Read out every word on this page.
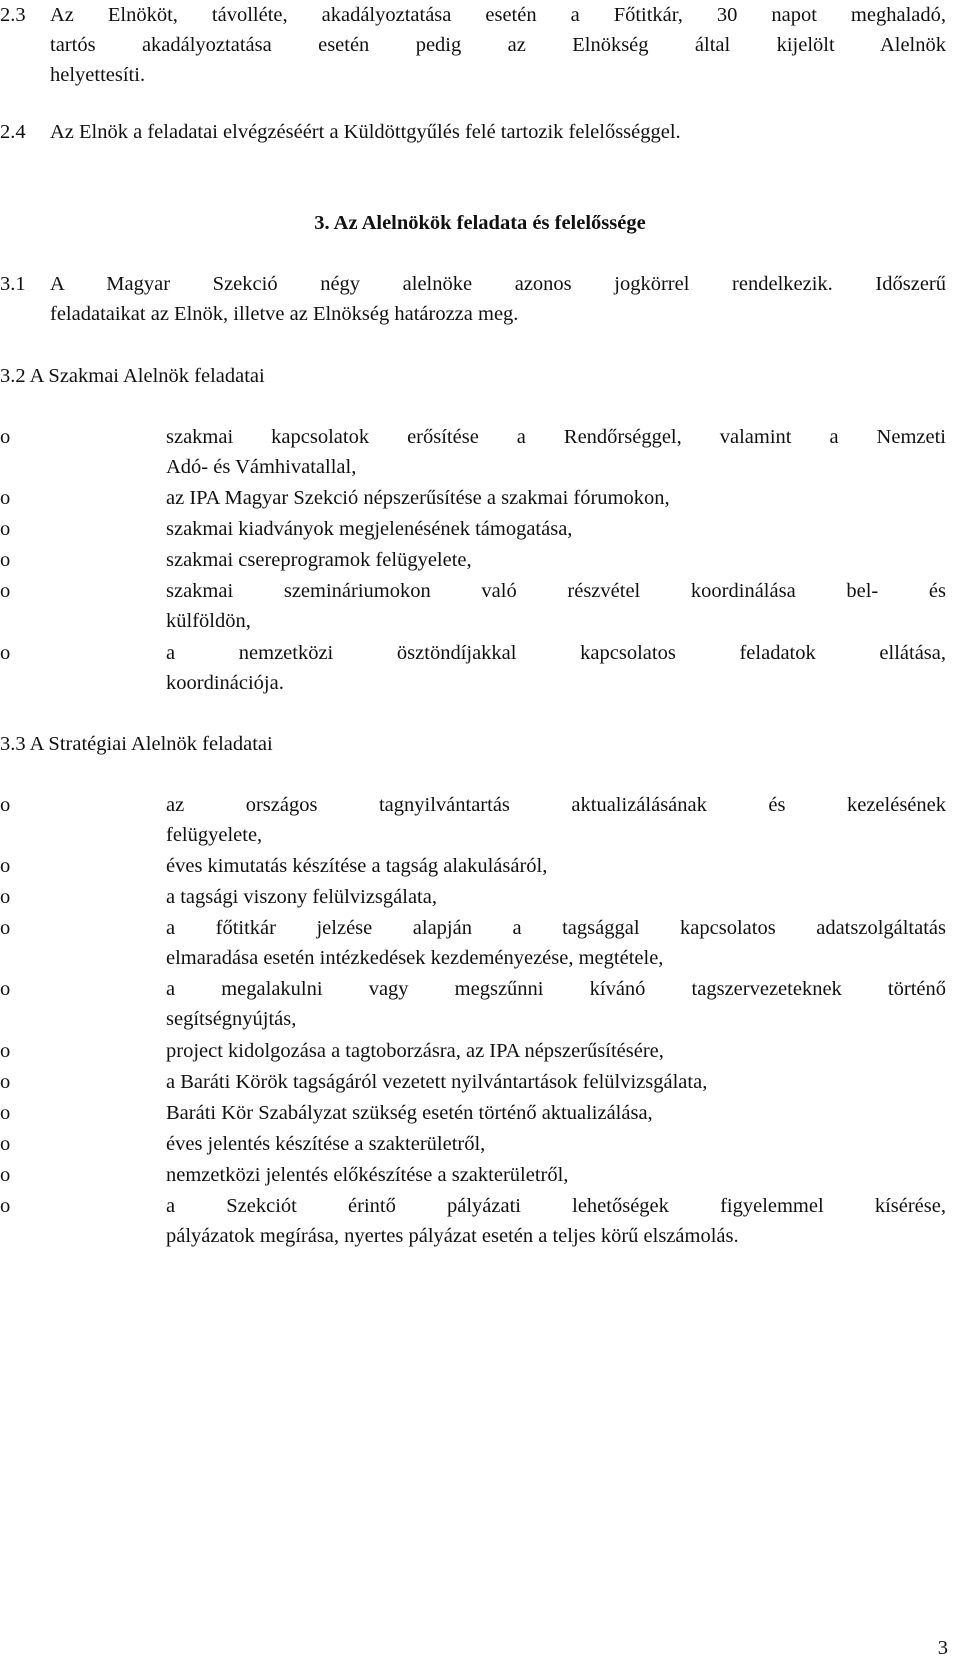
2.3	Az Elnököt, távolléte, akadályoztatása esetén a Főtitkár, 30 napot meghaladó,
tartós akadályoztatása esetén pedig az Elnökség által kijelölt Alelnök
helyettesíti.
2.4	Az Elnök a feladatai elvégzéséért a Küldöttgyűlés felé tartozik felelősséggel.
3. Az Alelnökök feladata és felelőssége
3.1	A Magyar Szekció négy alelnöke azonos jogkörrel rendelkezik. Időszerű
feladataikat az Elnök, illetve az Elnökség határozza meg.
3.2 A Szakmai Alelnök feladatai
o	szakmai kapcsolatok erősítése a Rendőrséggel, valamint a Nemzeti
Adó- és Vámhivatallal,
o	az IPA Magyar Szekció népszerűsítése a szakmai fórumokon,
o	szakmai kiadványok megjelenésének támogatása,
o	szakmai csereprogramok felügyelete,
o	szakmai szemináriumokon való részvétel koordinálása bel- és
külföldön,
o	a nemzetközi ösztöndíjakkal kapcsolatos feladatok ellátása,
koordinációja.
3.3 A Stratégiai Alelnök feladatai
o	az országos tagnyilvántartás aktualizálásának és kezelésének
felügyelete,
o	éves kimutatás készítése a tagság alakulásáról,
o	a tagsági viszony felülvizsgálata,
o	a főtitkár jelzése alapján a tagsággal kapcsolatos adatszolgáltatás
elmaradása esetén intézkedések kezdeményezése, megtétele,
o	a megalakulni vagy megszűnni kívánó tagszervezeteknek történő
segítségnyújtás,
o	project kidolgozása a tagtoborzásra, az IPA népszerűsítésére,
o	a Baráti Körök tagságáról vezetett nyilvántartások felülvizsgálata,
o	Baráti Kör Szabályzat szükség esetén történő aktualizálása,
o	éves jelentés készítése a szakterületről,
o	nemzetközi jelentés előkészítése a szakterületről,
o	a Szekciót érintő pályázati lehetőségek figyelemmel kísérése,
pályázatok megírása, nyertes pályázat esetén a teljes körű elszámolás.
3
